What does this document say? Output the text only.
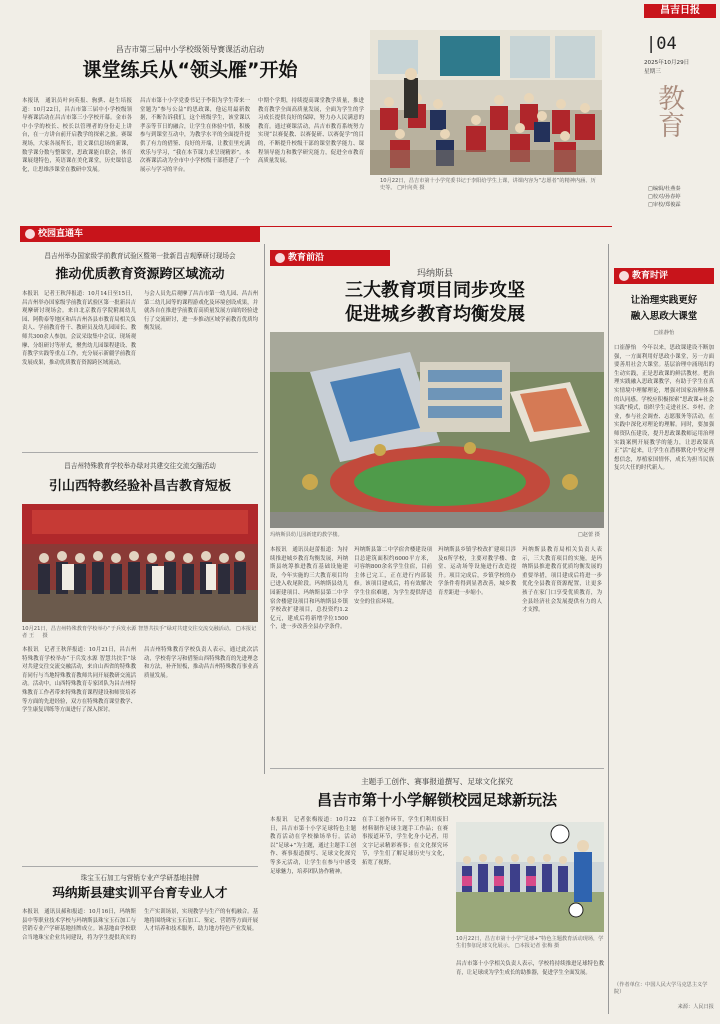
昌吉日报
|04
2025年10月29日
星期三
教育
□编辑/杜燕秦
□校对/孙春婷
□审校/郑俊霖
昌吉市第三届中小学校级领导赛课活动启动
课堂练兵从“领头雁”开始
本报讯　通讯员叶向英报、驹骐、赵生培报道：10月22日，昌吉市第三届中小学校级领导赛课活动在昌吉市第三小学校开幕。金市各中小学的校长、校长以管理者的身份走上讲台，在一方讲台前开启教学的探索之旅。赛课现场，大家各展所长，语文课信息场的新课，数学课分数与整课堂，思政课能自联会，体育课展翅特色，英语课在美化课堂，历史课信息化，让思维涉课堂在教研中发展。
昌吉市第十小学党委书记于李阳为学生带来一堂题为“参与公益”的思政课，他运用最新数据，不断告诉我们，这个班级学生，该堂课以孝亲等节日的融合，让学生在体验中悟，积极参与到课堂互动中，为教学水平的全面提升提供了有力的借鉴、良好的开端，让教室里充满欢乐与学习，“我在本节课力求呈现精彩”。本次赛课活动为全市中小学校级干部搭建了一个展示与学习的平台。
中期个学期，持续提高课堂教学质量，推进教育教学全面高质量发展，全面为学生的学习成长提供良好的保障，努力办人民满意的教育。通过赛课活动，昌吉市教育系统努力实现“以赛促教、以赛促研、以赛促学”的目的，不断提升校级干部的课堂教学能力、课程领导能力和教学研究能力，促进全市教育高质量发展。
10月22日，昌吉市第十小学党委书记于李阳给学生上课，讲课内容为“志愿者”的精神内涵、历史等。 □叶向英 摄
校园直通车
昌吉州举办国家级学前教育试验区暨第一批新昌吉观摩研讨现场会
推动优质教育资源跨区域流动
本报讯　记者王秋萍报道：10月14日至15日，昌吉州举办国家级学前教育试验区第一批新昌吉观摩研讨现场会。来自北京教育学院附属幼儿园、阿勒泰等地区和昌吉州各县市教育局相关负责人、学前教育骨干、教研员及幼儿园园长、教师共300余人参加。会议采取集中会议、现场观摩、分组研讨等形式，聚焦幼儿园课程建设、教育教学实践等重点工作，充分展示新疆学前教育发展成果，推动优质教育资源跨区域流动。
与会人员先后观摩了昌吉市第一幼儿园、昌吉州第二幼儿园等的课程游戏化及环境创设成果，并就各自在推进学前教育高质量发展方面的经验进行了交流研讨，进一步推动区域学前教育优质均衡发展。
昌吉州特殊教育学校举办绿对共建交往交流交融活动
引山西特教经验补昌吉教育短板
10月21日，昌吉州特殊教育学校举办“于兵发水源 智慧共扶手”绿对共建交往交流交融活动。 □本报记者 王 　 摄
本报讯　记者王秋萍报道：10月21日，昌吉州特殊教育学校举办“于兵发水源 智慧共扶手”绿对共建交往交流交融活动，来自山西省的特殊教育同行与当地特殊教育教师共同开展教研交流活动。活动中，山西特殊教育专家团队为昌吉州特殊教育工作者带来特殊教育课程建设和师资培养等方面的先进经验，双方在特殊教育课堂教学、学生康复训练等方面进行了深入探讨。
昌吉州特殊教育学校负责人表示，通过此次活动，学校将学习和借鉴山西特殊教育的先进理念和方法，补齐短板，推动昌吉州特殊教育事业高质量发展。
珠宝玉石加工与营销专业产学研基地挂牌
玛纳斯县建实训平台育专业人才
本报讯　通讯员郝和报道：10月16日，玛纳斯县中等职业技术学校与玛纳斯县珠宝玉石加工与营销专业产学研基地挂牌成立。该基地由学校联合当地珠宝企业共同建设，将为学生提供真实的生产实训场景，实现教学与生产的有机融合。基地将围绕珠宝玉石加工、鉴定、营销等方面开展人才培养和技术服务，助力地方特色产业发展。
教育前沿
玛纳斯县
三大教育项目同步攻坚
促进城乡教育均衡发展
玛纳斯县幼儿园新建的教学楼。	□赵蕾 摄
本报讯　通讯员赵蕾报道：为持续推进城乡教育均衡发展，玛纳斯县统筹推进教育基础设施建设，今年实施的三大教育项目均已进入收尾阶段。玛纳斯县幼儿园新建项目、玛纳斯县第二中学宿舍楼建设项目和玛纳斯县乡镇学校改扩建项目，总投资约1.2亿元，建成后将新增学位1500个，进一步改善全县办学条件。
玛纳斯县第二中学宿舍楼建设项目总建筑面积约6000平方米，可容纳800余名学生住宿，目前主体已完工，正在进行内部装修。该项目建成后，将有效解决学生住宿难题，为学生提供舒适安全的住宿环境。
玛纳斯县乡镇学校改扩建项目涉及6所学校，主要对教学楼、食堂、运动场等设施进行改造提升。项目完成后，乡镇学校的办学条件将得到显著改善，城乡教育差距进一步缩小。
玛纳斯县教育局相关负责人表示，三大教育项目的实施，是玛纳斯县推进教育优质均衡发展的重要举措，项目建成后将进一步优化全县教育资源配置，让更多孩子在家门口享受优质教育，为全县经济社会发展提供有力的人才支撑。
主题手工创作、赛事报道撰写、足球文化探究
昌吉市第十小学解锁校园足球新玩法
本报讯　记者张梅报道：10月22日，昌吉市第十小学足球特色主题教育活动在学校操场举行。活动以“足球+”为主题，通过主题手工创作、赛事报道撰写、足球文化探究等多元活动，让学生在参与中感受足球魅力，培养团队协作精神。
在手工创作环节，学生们利用废旧材料制作足球主题手工作品；在赛事报道环节，学生化身小记者，用文字记录精彩赛事；在文化探究环节，学生们了解足球历史与文化，拓宽了视野。
10月22日，昌吉市第十小学“足球+”特色主题教育活动现场，学生们参加足球文化展示。 □本报记者 张梅 摄
昌吉市第十小学相关负责人表示，学校将持续推进足球特色教育，让足球成为学生成长的助推器，促进学生全面发展。
教育时评
让治理实践更好
融入思政大课堂
□崔静怡
口崔静怡　今年以来，思政课建设不断加强，一方面利用好思政小课堂，另一方面要善用社会大课堂。基层治理中涌现出的生动实践，正是思政课的鲜活教材。把治理实践融入思政课教学，有助于学生在真实情境中理解理论，增强对国家治理体系的认同感。学校应积极探索“思政课+社会实践”模式，组织学生走进社区、乡村、企业，参与社会调查、志愿服务等活动，在实践中深化对理论的理解。同时，要加强师资队伍建设，提升思政课教师运用治理实践案例开展教学的能力，让思政课真正“活”起来，让学生在潜移默化中坚定理想信念，厚植家国情怀，成长为担当民族复兴大任的时代新人。
（作者单位：中国人民大学马克思主义学院）
来源：人民日报
